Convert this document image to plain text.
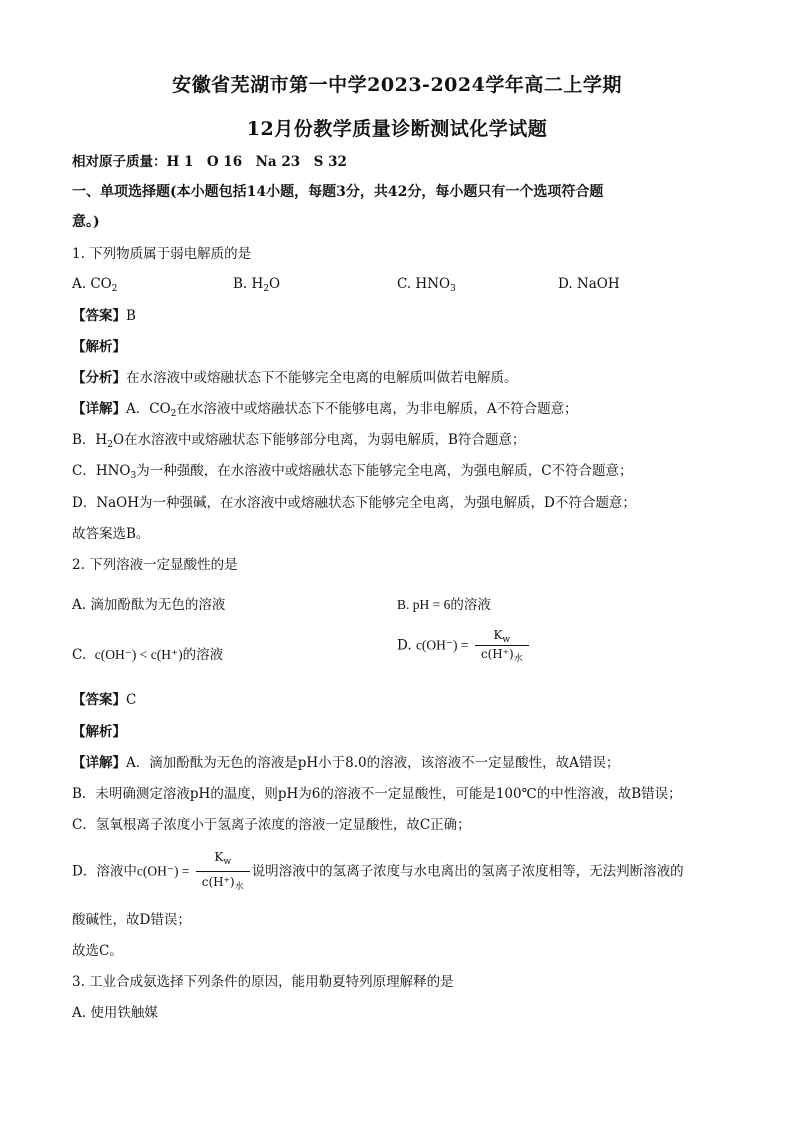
安徽省芜湖市第一中学2023-2024学年高二上学期
12月份教学质量诊断测试化学试题
相对原子质量：H 1　O 16　Na 23　S 32
一、单项选择题(本小题包括14小题，每题3分，共42分，每小题只有一个选项符合题
意。)
1. 下列物质属于弱电解质的是
A. $CO_2$	B. $H_2O$	C. $HNO_3$	D. NaOH
【答案】B
【解析】
【分析】在水溶液中或熔融状态下不能够完全电离的电解质叫做若电解质。
【详解】A．$CO_2$在水溶液中或熔融状态下不能够电离，为非电解质，A不符合题意；
B．$H_2O$在水溶液中或熔融状态下能够部分电离，为弱电解质，B符合题意；
C．$HNO_3$为一种强酸，在水溶液中或熔融状态下能够完全电离，为强电解质，C不符合题意；
D．NaOH为一种强碱，在水溶液中或熔融状态下能够完全电离，为强电解质，D不符合题意；
故答案选B。
2. 下列溶液一定显酸性的是
A. 滴加酚酞为无色的溶液	B. pH = 6的溶液
C. c(OH⁻) < c(H⁺)的溶液
D. $c(OH^-) = \frac{K_w}{c(H^+)_水}$
【答案】C
【解析】
【详解】A．滴加酚酞为无色的溶液是pH小于8.0的溶液，该溶液不一定显酸性，故A错误；
B．未明确测定溶液pH的温度，则pH为6的溶液不一定显酸性，可能是100℃的中性溶液，故B错误；
C．氢氧根离子浓度小于氢离子浓度的溶液一定显酸性，故C正确；
D．溶液中$c(OH^-) = \frac{K_w}{c(H^+)_水}$ 说明溶液中的氢离子浓度与水电离出的氢离子浓度相等，无法判断溶液的
酸碱性，故D错误；
故选C。
3. 工业合成氨选择下列条件的原因，能用勒夏特列原理解释的是
A. 使用铁触媒
